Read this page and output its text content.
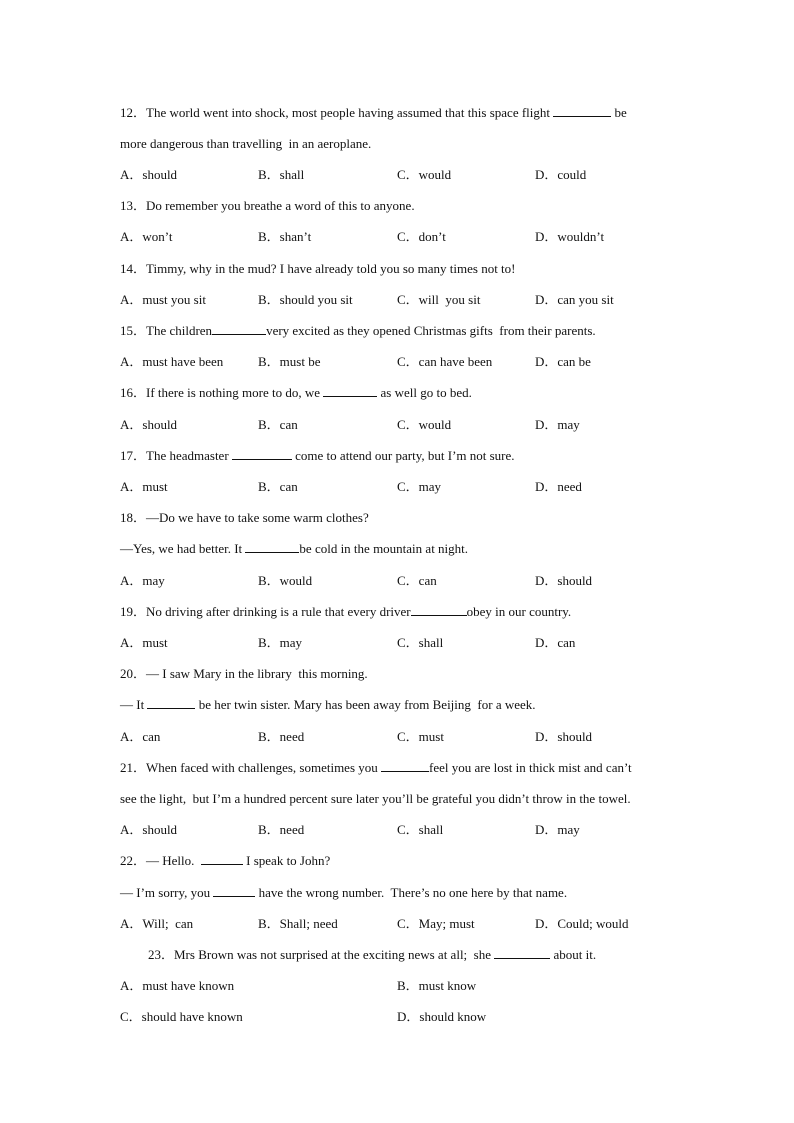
12．The world went into shock, most people having assumed that this space flight	be
more dangerous than travelling  in an aeroplane.
A．should	B．shall	C．would	D．could
13．Do remember you breathe a word of this to anyone.
A．won’t	B．shan’t	C．don’t	D．wouldn’t
14．Timmy, why in the mud? I have already told you so many times not to!
A．must you sit	B．should you sit	C．will  you sit	D．can you sit
15．The children	very excited as they opened Christmas gifts  from their parents.
A．must have been	B．must be	C．can have been	D．can be
16．If there is nothing more to do, we	as well go to bed.
A．should	B．can	C．would	D．may
17．The headmaster	come to attend our party, but I’m not sure.
A．must	B．can	C．may	D．need
18．—Do we have to take some warm clothes?
—Yes, we had better. It	be cold in the mountain at night.
A．may	B．would	C．can	D．should
19．No driving after drinking is a rule that every driver	obey in our country.
A．must	B．may	C．shall	D．can
20．— I saw Mary in the library  this morning.
— It	be her twin sister. Mary has been away from Beijing  for a week.
A．can	B．need	C．must	D．should
21．When faced with challenges, sometimes you	feel you are lost in thick mist and can’t
see the light,  but I’m a hundred percent sure later you’ll be grateful you didn’t throw in the towel.
A．should	B．need	C．shall	D．may
22．— Hello.	I speak to John?
— I’m sorry, you	have the wrong number.  There’s no one here by that name.
A．Will;  can	B．Shall; need	C．May; must	D．Could; would
23．Mrs Brown was not surprised at the exciting news at all;  she	about it.
A．must have known	B．must know
C．should have known	D．should know
